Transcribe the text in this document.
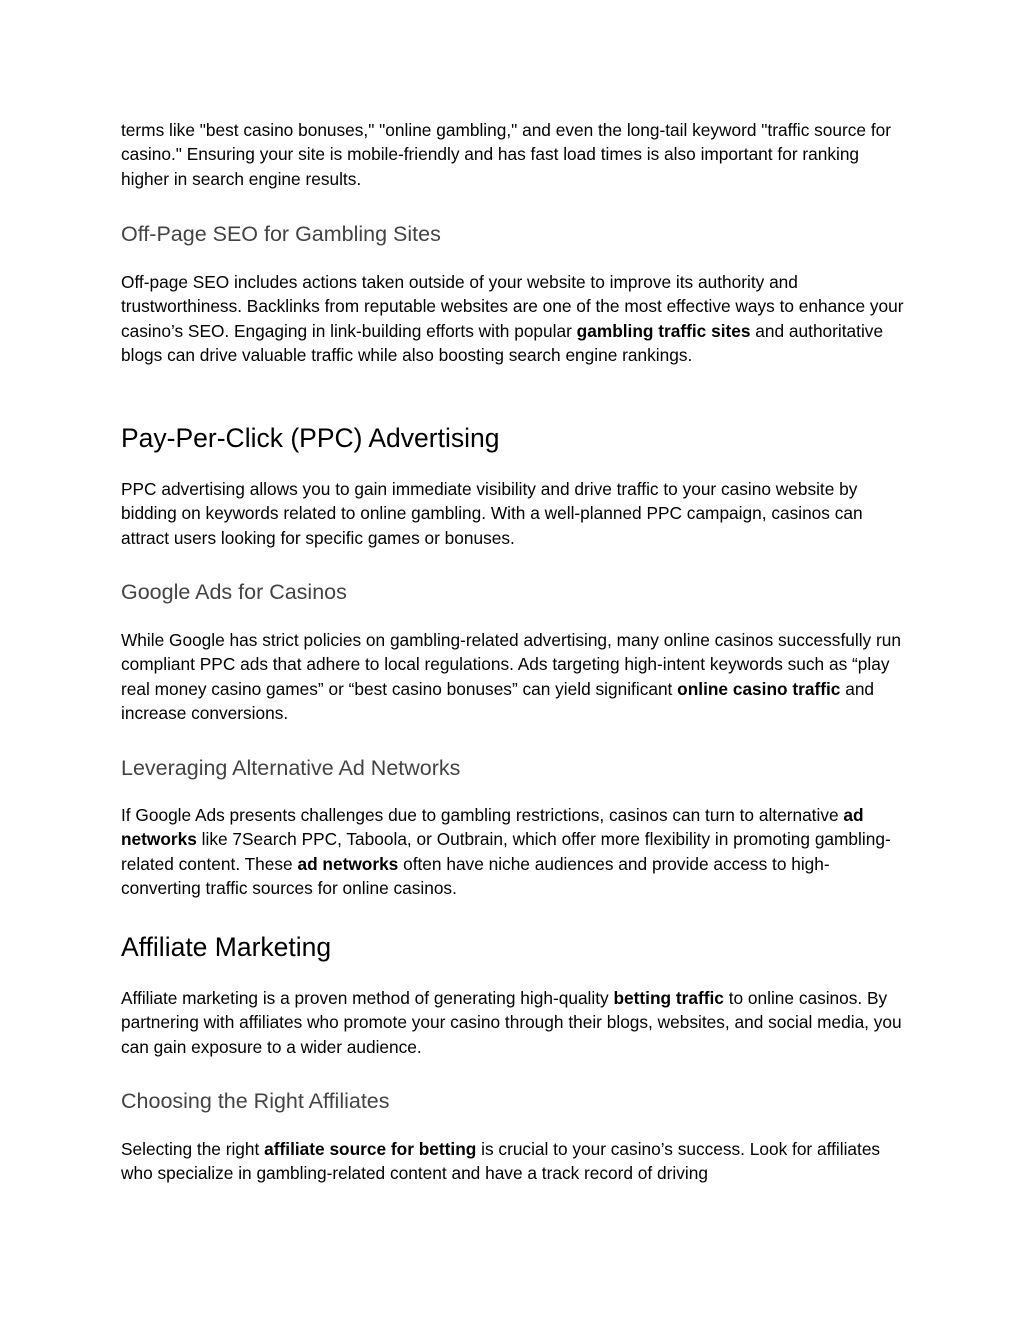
terms like "best casino bonuses," "online gambling," and even the long-tail keyword "traffic source for casino." Ensuring your site is mobile-friendly and has fast load times is also important for ranking higher in search engine results.

Off-Page SEO for Gambling Sites

Off-page SEO includes actions taken outside of your website to improve its authority and trustworthiness. Backlinks from reputable websites are one of the most effective ways to enhance your casino’s SEO. Engaging in link-building efforts with popular gambling traffic sites and authoritative blogs can drive valuable traffic while also boosting search engine rankings.

Pay-Per-Click (PPC) Advertising

PPC advertising allows you to gain immediate visibility and drive traffic to your casino website by bidding on keywords related to online gambling. With a well-planned PPC campaign, casinos can attract users looking for specific games or bonuses.

Google Ads for Casinos

While Google has strict policies on gambling-related advertising, many online casinos successfully run compliant PPC ads that adhere to local regulations. Ads targeting high-intent keywords such as “play real money casino games” or “best casino bonuses” can yield significant online casino traffic and increase conversions.

Leveraging Alternative Ad Networks

If Google Ads presents challenges due to gambling restrictions, casinos can turn to alternative ad networks like 7Search PPC, Taboola, or Outbrain, which offer more flexibility in promoting gambling-related content. These ad networks often have niche audiences and provide access to high-converting traffic sources for online casinos.

Affiliate Marketing

Affiliate marketing is a proven method of generating high-quality betting traffic to online casinos. By partnering with affiliates who promote your casino through their blogs, websites, and social media, you can gain exposure to a wider audience.

Choosing the Right Affiliates

Selecting the right affiliate source for betting is crucial to your casino’s success. Look for affiliates who specialize in gambling-related content and have a track record of driving
